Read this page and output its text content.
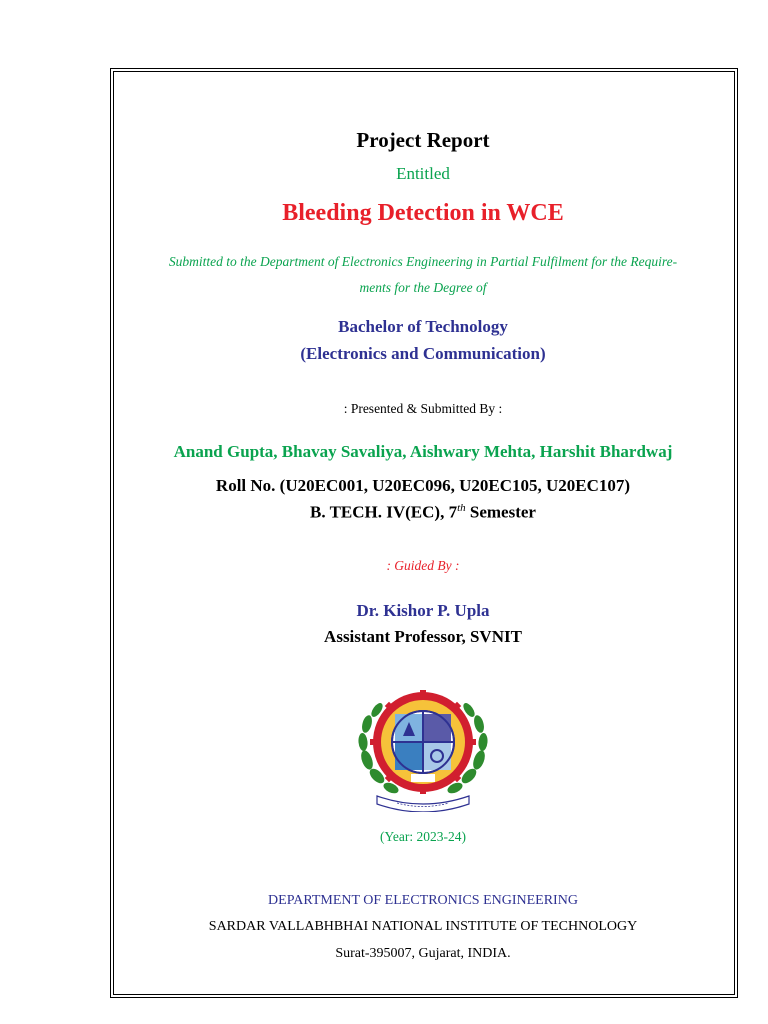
Project Report
Entitled
Bleeding Detection in WCE
Submitted to the Department of Electronics Engineering in Partial Fulfilment for the Require-
ments for the Degree of
Bachelor of Technology
(Electronics and Communication)
: Presented & Submitted By :
Anand Gupta, Bhavay Savaliya, Aishwary Mehta, Harshit Bhardwaj
Roll No. (U20EC001, U20EC096, U20EC105, U20EC107)
B. TECH. IV(EC), 7th Semester
: Guided By :
Dr. Kishor P. Upla
Assistant Professor, SVNIT
(Year: 2023-24)
DEPARTMENT OF ELECTRONICS ENGINEERING
SARDAR VALLABHBHAI NATIONAL INSTITUTE OF TECHNOLOGY
Surat-395007, Gujarat, INDIA.
